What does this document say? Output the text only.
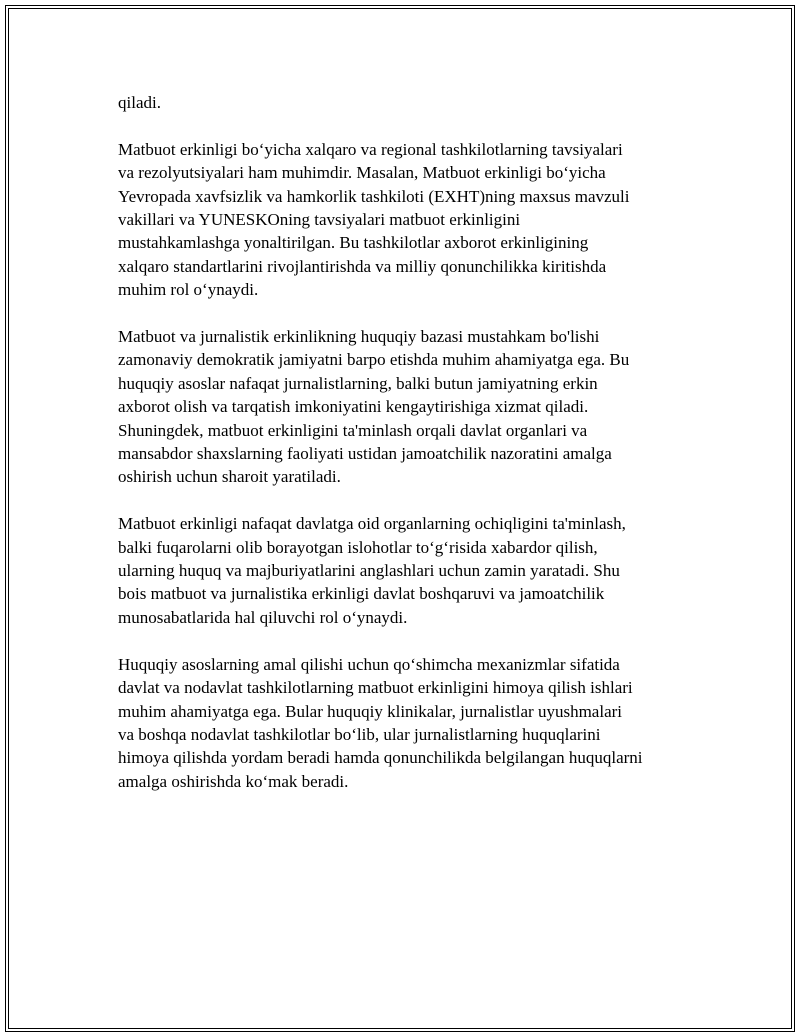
qiladi.

Matbuot erkinligi bo‘yicha xalqaro va regional tashkilotlarning tavsiyalari
va rezolyutsiyalari ham muhimdir. Masalan, Matbuot erkinligi bo‘yicha
Yevropada xavfsizlik va hamkorlik tashkiloti (EXHT)ning maxsus mavzuli
vakillari va YUNESKOning tavsiyalari matbuot erkinligini
mustahkamlashga yonaltirilgan. Bu tashkilotlar axborot erkinligining
xalqaro standartlarini rivojlantirishda va milliy qonunchilikka kiritishda
muhim rol o‘ynaydi.

Matbuot va jurnalistik erkinlikning huquqiy bazasi mustahkam bo'lishi
zamonaviy demokratik jamiyatni barpo etishda muhim ahamiyatga ega. Bu
huquqiy asoslar nafaqat jurnalistlarning, balki butun jamiyatning erkin
axborot olish va tarqatish imkoniyatini kengaytirishiga xizmat qiladi.
Shuningdek, matbuot erkinligini ta'minlash orqali davlat organlari va
mansabdor shaxslarning faoliyati ustidan jamoatchilik nazoratini amalga
oshirish uchun sharoit yaratiladi.

Matbuot erkinligi nafaqat davlatga oid organlarning ochiqligini ta'minlash,
balki fuqarolarni olib borayotgan islohotlar to‘g‘risida xabardor qilish,
ularning huquq va majburiyatlarini anglashlari uchun zamin yaratadi. Shu
bois matbuot va jurnalistika erkinligi davlat boshqaruvi va jamoatchilik
munosabatlarida hal qiluvchi rol o‘ynaydi.

Huquqiy asoslarning amal qilishi uchun qo‘shimcha mexanizmlar sifatida
davlat va nodavlat tashkilotlarning matbuot erkinligini himoya qilish ishlari
muhim ahamiyatga ega. Bular huquqiy klinikalar, jurnalistlar uyushmalari
va boshqa nodavlat tashkilotlar bo‘lib, ular jurnalistlarning huquqlarini
himoya qilishda yordam beradi hamda qonunchilikda belgilangan huquqlarni
amalga oshirishda ko‘mak beradi.
